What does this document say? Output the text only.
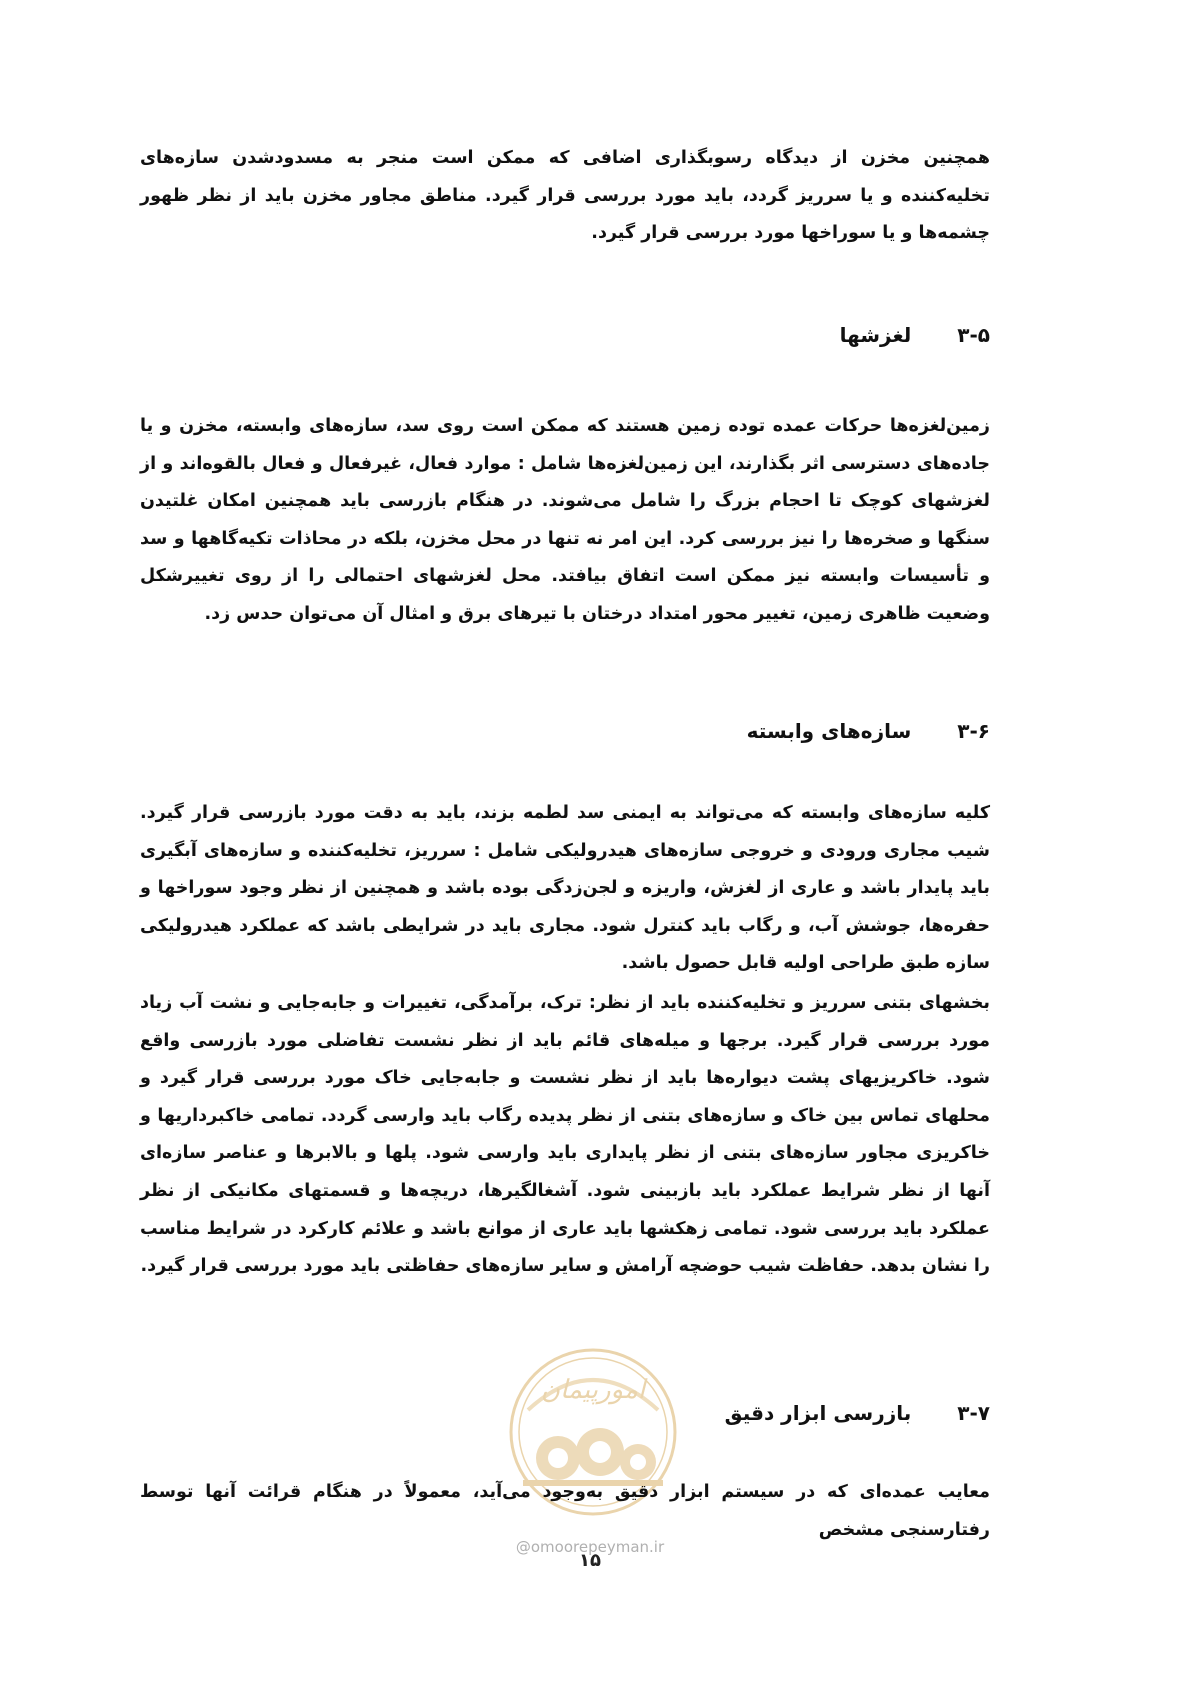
همچنین مخزن از دیدگاه رسوبگذاری اضافی که ممکن است منجر به مسدودشدن سازه‌های تخلیه‌کننده و یا سرریز گردد، باید مورد بررسی قرار گیرد. مناطق مجاور مخزن باید از نظر ظهور چشمه‌ها و یا سوراخها مورد بررسی قرار گیرد.

۳-۵
لغزشها

زمین‌لغزه‌ها حرکات عمده توده زمین هستند که ممکن است روی سد، سازه‌های وابسته، مخزن و یا جاده‌های دسترسی اثر بگذارند، این زمین‌لغزه‌ها شامل : موارد فعال، غیرفعال و فعال بالقوه‌اند و از لغزشهای کوچک تا احجام بزرگ را شامل می‌شوند. در هنگام بازرسی باید همچنین امکان غلتیدن سنگها و صخره‌ها را نیز بررسی کرد. این امر نه تنها در محل مخزن، بلکه در محاذات تکیه‌گاهها و سد و تأسیسات وابسته نیز ممکن است اتفاق بیافتد. محل لغزشهای احتمالی را از روی تغییرشکل وضعیت ظاهری زمین، تغییر محور امتداد درختان با تیرهای برق و امثال آن می‌توان حدس زد.

۳-۶
سازه‌های وابسته

کلیه سازه‌های وابسته که می‌تواند به ایمنی سد لطمه بزند، باید به دقت مورد بازرسی قرار گیرد. شیب مجاری ورودی و خروجی سازه‌های هیدرولیکی شامل : سرریز، تخلیه‌کننده و سازه‌های آبگیری باید پایدار باشد و عاری از لغزش، واریزه و لجن‌زدگی بوده باشد و همچنین از نظر وجود سوراخها و حفره‌ها، جوشش آب، و رگاب باید کنترل شود. مجاری باید در شرایطی باشد که عملکرد هیدرولیکی سازه طبق طراحی اولیه قابل حصول باشد.

بخشهای بتنی سرریز و تخلیه‌کننده باید از نظر: ترک، برآمدگی، تغییرات و جابه‌جایی و نشت آب زیاد مورد بررسی قرار گیرد. برجها و میله‌های قائم باید از نظر نشست تفاضلی مورد بازرسی واقع شود. خاکریزیهای پشت دیواره‌ها باید از نظر نشست و جابه‌جایی خاک مورد بررسی قرار گیرد و محلهای تماس بین خاک و سازه‌های بتنی از نظر پدیده رگاب باید وارسی گردد. تمامی خاکبرداریها و خاکریزی مجاور سازه‌های بتنی از نظر پایداری باید وارسی شود. پلها و بالابرها و عناصر سازه‌ای آنها از نظر شرایط عملکرد باید بازبینی شود. آشغالگیرها، دریچه‌ها و قسمتهای مکانیکی از نظر عملکرد باید بررسی شود. تمامی زهکشها باید عاری از موانع باشد و علائم کارکرد در شرایط مناسب را نشان بدهد. حفاظت شیب حوضچه آرامش و سایر سازه‌های حفاظتی باید مورد بررسی قرار گیرد.

امورپیمان
۳-۷
بازرسی ابزار دقیق

معایب عمده‌ای که در سیستم ابزار دقیق به‌وجود می‌آید، معمولاً در هنگام قرائت آنها توسط رفتارسنجی مشخص

@omoorepeyman.ir
۱۵
